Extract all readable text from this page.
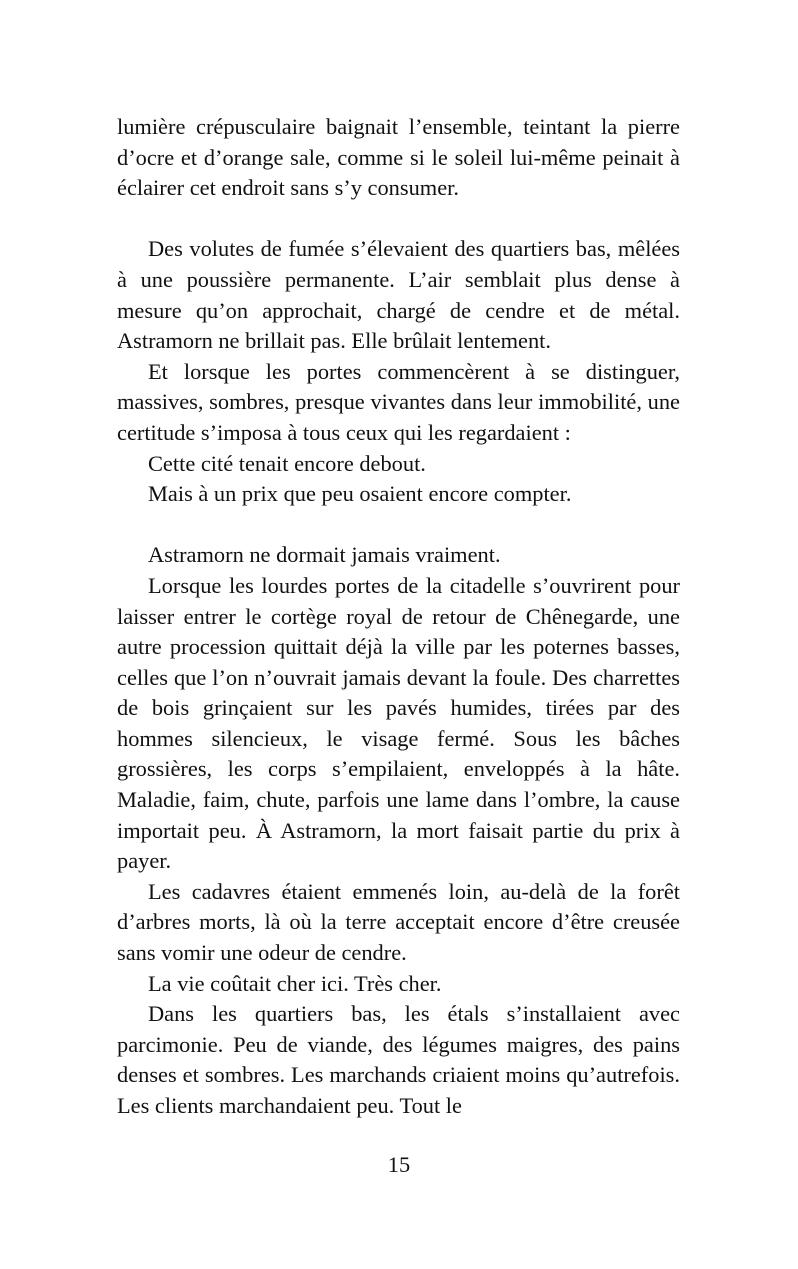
lumière crépusculaire baignait l’ensemble, teintant la pierre d’ocre et d’orange sale, comme si le soleil lui-même peinait à éclairer cet endroit sans s’y consumer.

Des volutes de fumée s’élevaient des quartiers bas, mêlées à une poussière permanente. L’air semblait plus dense à mesure qu’on approchait, chargé de cendre et de métal. Astramorn ne brillait pas. Elle brûlait lentement.

Et lorsque les portes commencèrent à se distinguer, massives, sombres, presque vivantes dans leur immobilité, une certitude s’imposa à tous ceux qui les regardaient :

Cette cité tenait encore debout.

Mais à un prix que peu osaient encore compter.

Astramorn ne dormait jamais vraiment.

Lorsque les lourdes portes de la citadelle s’ouvrirent pour laisser entrer le cortège royal de retour de Chênegarde, une autre procession quittait déjà la ville par les poternes basses, celles que l’on n’ouvrait jamais devant la foule. Des charrettes de bois grinçaient sur les pavés humides, tirées par des hommes silencieux, le visage fermé. Sous les bâches grossières, les corps s’empilaient, enveloppés à la hâte. Maladie, faim, chute, parfois une lame dans l’ombre, la cause importait peu. À Astramorn, la mort faisait partie du prix à payer.

Les cadavres étaient emmenés loin, au-delà de la forêt d’arbres morts, là où la terre acceptait encore d’être creusée sans vomir une odeur de cendre.

La vie coûtait cher ici. Très cher.

Dans les quartiers bas, les étals s’installaient avec parcimonie. Peu de viande, des légumes maigres, des pains denses et sombres. Les marchands criaient moins qu’autrefois. Les clients marchandaient peu. Tout le

15
